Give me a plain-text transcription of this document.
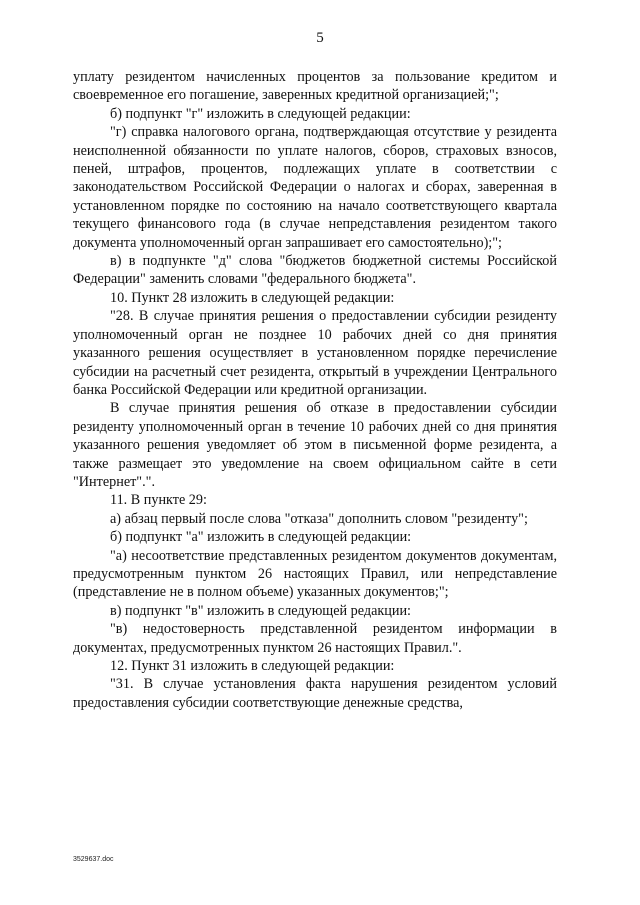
5

уплату резидентом начисленных процентов за пользование кредитом и своевременное его погашение, заверенных кредитной организацией;";

б) подпункт "г" изложить в следующей редакции:

"г) справка налогового органа, подтверждающая отсутствие у резидента неисполненной обязанности по уплате налогов, сборов, страховых взносов, пеней, штрафов, процентов, подлежащих уплате в соответствии с законодательством Российской Федерации о налогах и сборах, заверенная в установленном порядке по состоянию на начало соответствующего квартала текущего финансового года (в случае непредставления резидентом такого документа уполномоченный орган запрашивает его самостоятельно);";

в) в подпункте "д" слова "бюджетов бюджетной системы Российской Федерации" заменить словами "федерального бюджета".

10. Пункт 28 изложить в следующей редакции:

"28. В случае принятия решения о предоставлении субсидии резиденту уполномоченный орган не позднее 10 рабочих дней со дня принятия указанного решения осуществляет в установленном порядке перечисление субсидии на расчетный счет резидента, открытый в учреждении Центрального банка Российской Федерации или кредитной организации.

В случае принятия решения об отказе в предоставлении субсидии резиденту уполномоченный орган в течение 10 рабочих дней со дня принятия указанного решения уведомляет об этом в письменной форме резидента, а также размещает это уведомление на своем официальном сайте в сети "Интернет".".

11. В пункте 29:

а) абзац первый после слова "отказа" дополнить словом "резиденту";

б) подпункт "а" изложить в следующей редакции:

"а) несоответствие представленных резидентом документов документам, предусмотренным пунктом 26 настоящих Правил, или непредставление (представление не в полном объеме) указанных документов;";

в) подпункт "в" изложить в следующей редакции:

"в) недостоверность представленной резидентом информации в документах, предусмотренных пунктом 26 настоящих Правил.".

12. Пункт 31 изложить в следующей редакции:

"31. В случае установления факта нарушения резидентом условий предоставления субсидии соответствующие денежные средства,

3529637.doc
